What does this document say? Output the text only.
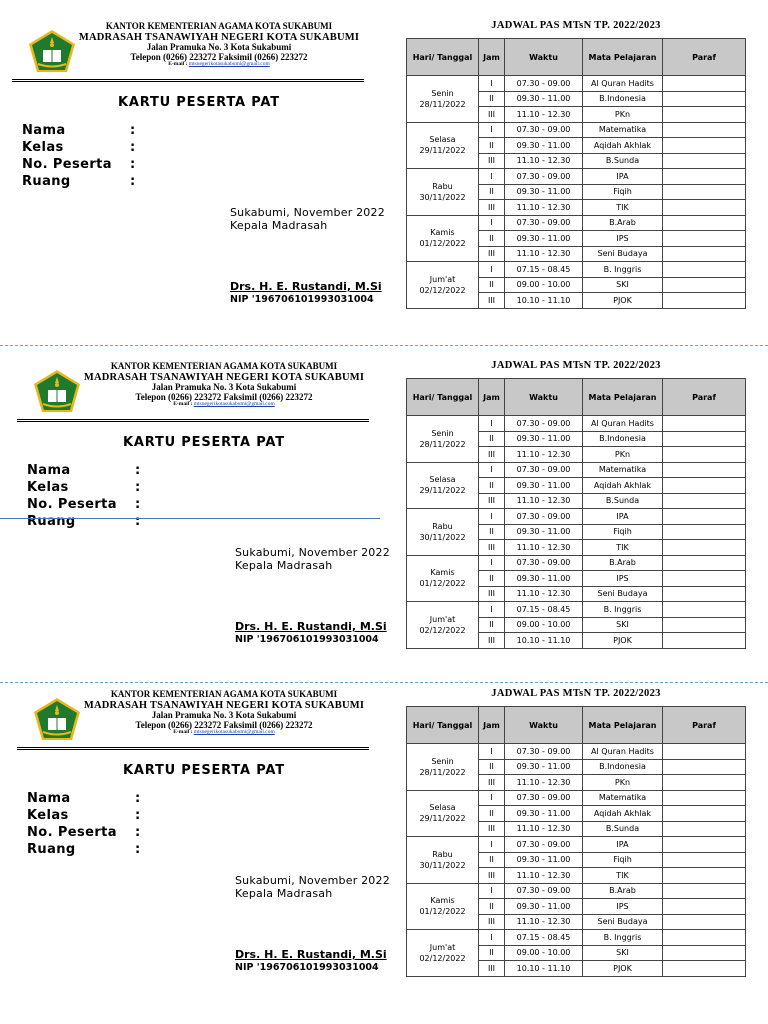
KANTOR KEMENTERIAN AGAMA KOTA SUKABUMI
MADRASAH TSANAWIYAH NEGERI KOTA SUKABUMI
Jalan Pramuka No. 3 Kota Sukabumi
Telepon (0266) 223272 Faksimil (0266) 223272
E-mail : mtsnegerikotasukabumi@gmail.com
KARTU PESERTA PAT
Nama	:
Kelas	:
No. Peserta	:
Ruang	:
Sukabumi, November 2022
Kepala Madrasah
Drs. H. E. Rustandi, M.Si
NIP '196706101993031004
JADWAL PAS MTsN TP. 2022/2023
Hari/ Tanggal	Jam	Waktu	Mata Pelajaran	Paraf

Senin
28/11/2022	I	07.30 - 09.00	Al Quran Hadits	
	II	09.30 - 11.00	B.Indonesia	
	III	11.10 - 12.30	PKn	

Selasa
29/11/2022	I	07.30 - 09.00	Matematika	
	II	09.30 - 11.00	Aqidah Akhlak	
	III	11.10 - 12.30	B.Sunda	

Rabu
30/11/2022	I	07.30 - 09.00	IPA	
	II	09.30 - 11.00	Fiqih	
	III	11.10 - 12.30	TIK	

Kamis
01/12/2022	I	07.30 - 09.00	B.Arab	
	II	09.30 - 11.00	IPS	
	III	11.10 - 12.30	Seni Budaya	

Jum'at
02/12/2022	I	07.15 - 08.45	B. Inggris	
	II	09.00 - 10.00	SKI	
	III	10.10 - 11.10	PJOK	
KANTOR KEMENTERIAN AGAMA KOTA SUKABUMI
MADRASAH TSANAWIYAH NEGERI KOTA SUKABUMI
Jalan Pramuka No. 3 Kota Sukabumi
Telepon (0266) 223272 Faksimil (0266) 223272
E-mail : mtsnegerikotasukabumi@gmail.com
KARTU PESERTA PAT
Nama	:
Kelas	:
No. Peserta	:
Ruang	:
Sukabumi, November 2022
Kepala Madrasah
Drs. H. E. Rustandi, M.Si
NIP '196706101993031004
JADWAL PAS MTsN TP. 2022/2023
Hari/ Tanggal	Jam	Waktu	Mata Pelajaran	Paraf

Senin
28/11/2022	I	07.30 - 09.00	Al Quran Hadits	
	II	09.30 - 11.00	B.Indonesia	
	III	11.10 - 12.30	PKn	

Selasa
29/11/2022	I	07.30 - 09.00	Matematika	
	II	09.30 - 11.00	Aqidah Akhlak	
	III	11.10 - 12.30	B.Sunda	

Rabu
30/11/2022	I	07.30 - 09.00	IPA	
	II	09.30 - 11.00	Fiqih	
	III	11.10 - 12.30	TIK	

Kamis
01/12/2022	I	07.30 - 09.00	B.Arab	
	II	09.30 - 11.00	IPS	
	III	11.10 - 12.30	Seni Budaya	

Jum'at
02/12/2022	I	07.15 - 08.45	B. Inggris	
	II	09.00 - 10.00	SKI	
	III	10.10 - 11.10	PJOK	
KANTOR KEMENTERIAN AGAMA KOTA SUKABUMI
MADRASAH TSANAWIYAH NEGERI KOTA SUKABUMI
Jalan Pramuka No. 3 Kota Sukabumi
Telepon (0266) 223272 Faksimil (0266) 223272
E-mail : mtsnegerikotasukabumi@gmail.com
KARTU PESERTA PAT
Nama	:
Kelas	:
No. Peserta	:
Ruang	:
Sukabumi, November 2022
Kepala Madrasah
Drs. H. E. Rustandi, M.Si
NIP '196706101993031004
JADWAL PAS MTsN TP. 2022/2023
Hari/ Tanggal	Jam	Waktu	Mata Pelajaran	Paraf

Senin
28/11/2022	I	07.30 - 09.00	Al Quran Hadits	
	II	09.30 - 11.00	B.Indonesia	
	III	11.10 - 12.30	PKn	

Selasa
29/11/2022	I	07.30 - 09.00	Matematika	
	II	09.30 - 11.00	Aqidah Akhlak	
	III	11.10 - 12.30	B.Sunda	

Rabu
30/11/2022	I	07.30 - 09.00	IPA	
	II	09.30 - 11.00	Fiqih	
	III	11.10 - 12.30	TIK	

Kamis
01/12/2022	I	07.30 - 09.00	B.Arab	
	II	09.30 - 11.00	IPS	
	III	11.10 - 12.30	Seni Budaya	

Jum'at
02/12/2022	I	07.15 - 08.45	B. Inggris	
	II	09.00 - 10.00	SKI	
	III	10.10 - 11.10	PJOK	
